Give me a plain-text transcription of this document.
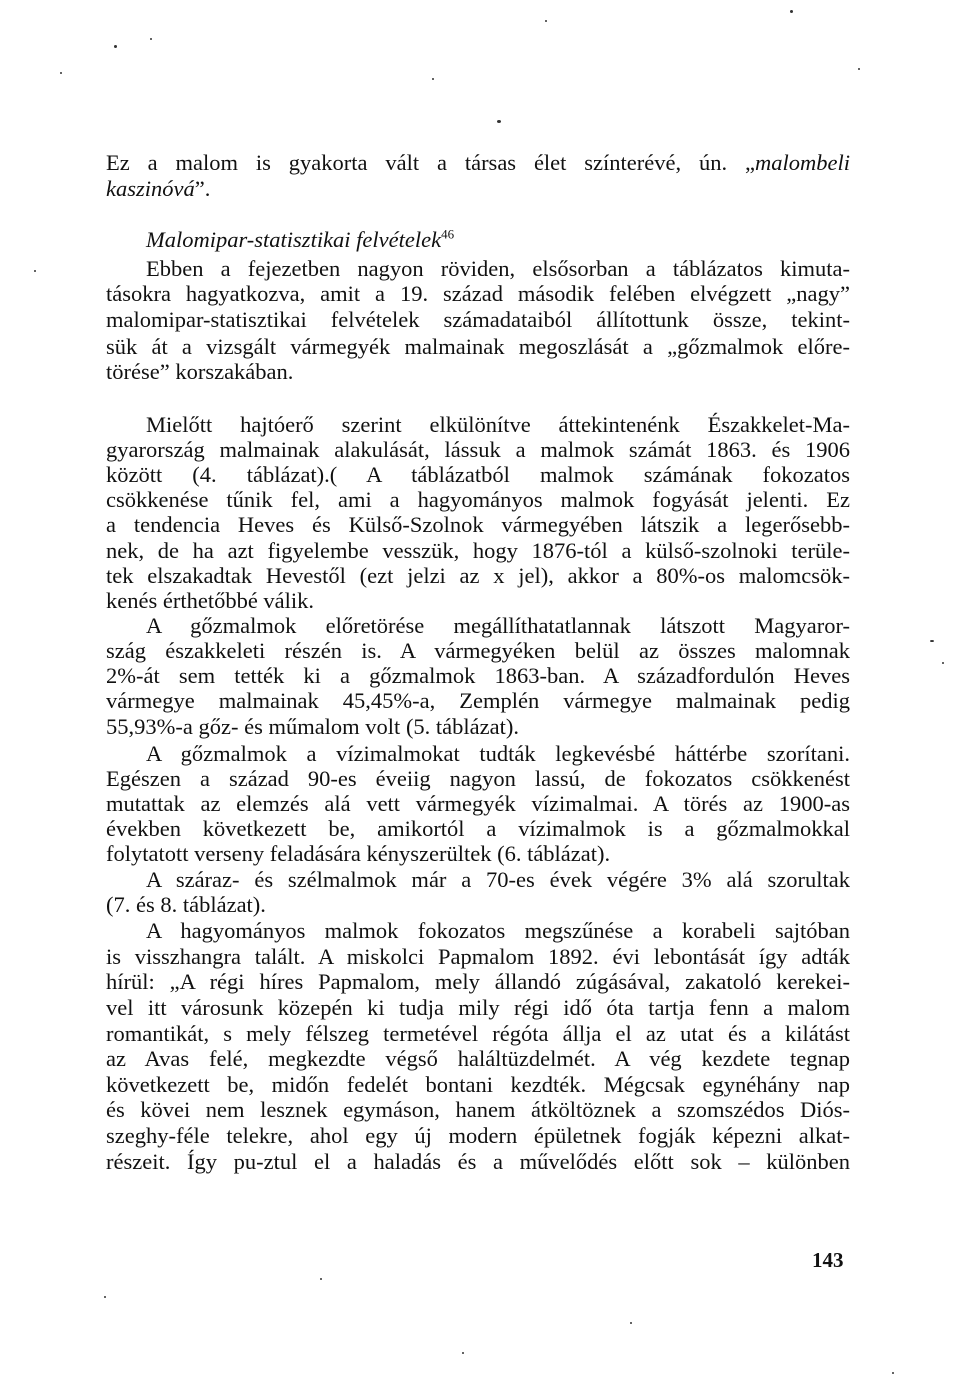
Ez a malom is gyakorta vált a társas élet színterévé, ún. „malombeli
kaszinóvá”.
Malomipar-statisztikai felvételek$^{46}$
Ebben a fejezetben nagyon röviden, elsősorban a táblázatos kimuta-
tásokra hagyatkozva, amit a 19. század második felében elvégzett „nagy”
malomipar-statisztikai felvételek számadataiból állítottunk össze, tekint-
sük át a vizsgált vármegyék malmainak megoszlását a „gőzmalmok előre-
törése” korszakában.
Mielőtt hajtóerő szerint elkülönítve áttekintenénk Északkelet-Ma-
gyarország malmainak alakulását, lássuk a malmok számát 1863. és 1906
között (4. táblázat).( A táblázatból malmok számának fokozatos
csökkenése tűnik fel, ami a hagyományos malmok fogyását jelenti. Ez
a tendencia Heves és Külső-Szolnok vármegyében látszik a legerősebb-
nek, de ha azt figyelembe vesszük, hogy 1876-tól a külső-szolnoki terüle-
tek elszakadtak Hevestől (ezt jelzi az x jel), akkor a 80%-os malomcsök-
kenés érthetőbbé válik.
A gőzmalmok előretörése megállíthatatlannak látszott Magyaror-
szág északkeleti részén is. A vármegyéken belül az összes malomnak
2%-át sem tették ki a gőzmalmok 1863-ban. A századfordulón Heves
vármegye malmainak 45,45%-a, Zemplén vármegye malmainak pedig
55,93%-a gőz- és műmalom volt (5. táblázat).
A gőzmalmok a vízimalmokat tudták legkevésbé háttérbe szorítani.
Egészen a század 90-es éveiig nagyon lassú, de fokozatos csökkenést
mutattak az elemzés alá vett vármegyék vízimalmai. A törés az 1900-as
években következett be, amikortól a vízimalmok is a gőzmalmokkal
folytatott verseny feladására kényszerültek (6. táblázat).
A száraz- és szélmalmok már a 70-es évek végére 3% alá szorultak
(7. és 8. táblázat).
A hagyományos malmok fokozatos megszűnése a korabeli sajtóban
is visszhangra talált. A miskolci Papmalom 1892. évi lebontását így adták
hírül: „A régi híres Papmalom, mely állandó zúgásával, zakatoló kerekei-
vel itt városunk közepén ki tudja mily régi idő óta tartja fenn a malom
romantikát, s mely félszeg termetével régóta állja el az utat és a kilátást
az Avas felé, megkezdte végső haláltüzdelmét. A vég kezdete tegnap
következett be, midőn fedelét bontani kezdték. Mégcsak egynéhány nap
és kövei nem lesznek egymáson, hanem átköltöznek a szomszédos Diós-
szeghy-féle telekre, ahol egy új modern épületnek fogják képezni alkat-
részeit. Így pu-ztul el a haladás és a művelődés előtt sok – különben
143
